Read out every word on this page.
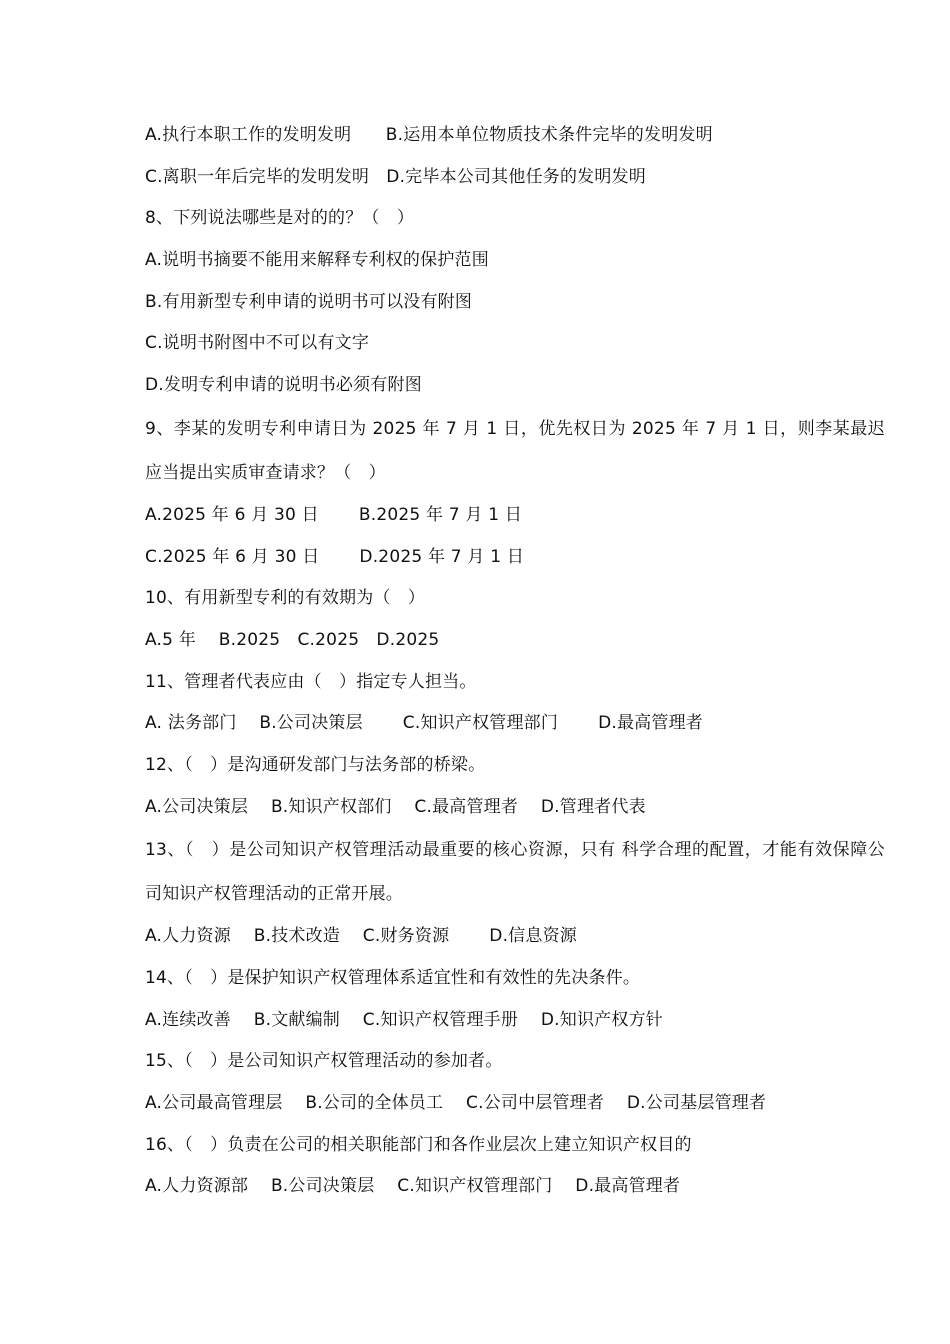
A.执行本职工作的发明发明　　B.运用本单位物质技术条件完毕的发明发明
C.离职一年后完毕的发明发明　D.完毕本公司其他任务的发明发明
8、下列说法哪些是对的的？（　）
A.说明书摘要不能用来解释专利权的保护范围
B.有用新型专利申请的说明书可以没有附图
C.说明书附图中不可以有文字
D.发明专利申请的说明书必须有附图
9、李某的发明专利申请日为 2025 年 7 月 1 日，优先权日为 2025 年 7 月 1 日，则李某最迟应当提出实质审查请求？（　）
A.2025 年 6 月 30 日　　 B.2025 年 7 月 1 日
C.2025 年 6 月 30 日　　 D.2025 年 7 月 1 日
10、有用新型专利的有效期为（　）
A.5 年　 B.2025　C.2025　D.2025
11、管理者代表应由（　）指定专人担当。
A. 法务部门　 B.公司决策层　　 C.知识产权管理部门　　 D.最高管理者
12、（　）是沟通研发部门与法务部的桥梁。
A.公司决策层　 B.知识产权部们　 C.最高管理者　 D.管理者代表
13、（　）是公司知识产权管理活动最重要的核心资源，只有 科学合理的配置，才能有效保障公司知识产权管理活动的正常开展。
A.人力资源　 B.技术改造　 C.财务资源　　 D.信息资源
14、（　）是保护知识产权管理体系适宜性和有效性的先决条件。
A.连续改善　 B.文献编制　 C.知识产权管理手册　 D.知识产权方针
15、（　）是公司知识产权管理活动的参加者。
A.公司最高管理层　 B.公司的全体员工　 C.公司中层管理者　 D.公司基层管理者
16、（　）负责在公司的相关职能部门和各作业层次上建立知识产权目的
A.人力资源部　 B.公司决策层　 C.知识产权管理部门　 D.最高管理者
